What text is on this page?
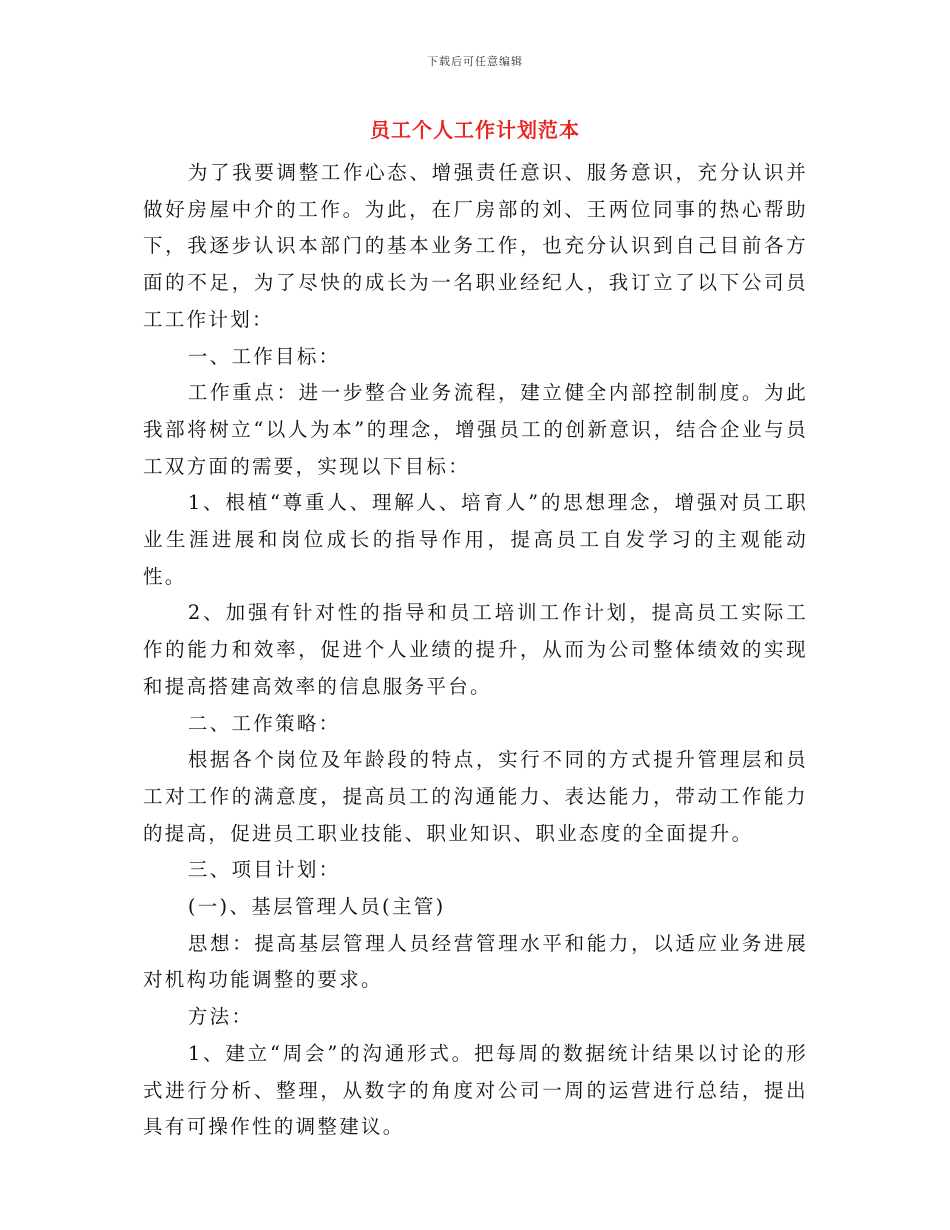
下载后可任意编辑
员工个人工作计划范本

为了我要调整工作心态、增强责任意识、服务意识，充分认识并做好房屋中介的工作。为此，在厂房部的刘、王两位同事的热心帮助下，我逐步认识本部门的基本业务工作，也充分认识到自己目前各方面的不足，为了尽快的成长为一名职业经纪人，我订立了以下公司员工工作计划：

一、工作目标：

工作重点：进一步整合业务流程，建立健全内部控制制度。为此我部将树立“以人为本”的理念，增强员工的创新意识，结合企业与员工双方面的需要，实现以下目标：

1、根植“尊重人、理解人、培育人”的思想理念，增强对员工职业生涯进展和岗位成长的指导作用，提高员工自发学习的主观能动性。

2、加强有针对性的指导和员工培训工作计划，提高员工实际工作的能力和效率，促进个人业绩的提升，从而为公司整体绩效的实现和提高搭建高效率的信息服务平台。

二、工作策略：

根据各个岗位及年龄段的特点，实行不同的方式提升管理层和员工对工作的满意度，提高员工的沟通能力、表达能力，带动工作能力的提高，促进员工职业技能、职业知识、职业态度的全面提升。

三、项目计划：

(一)、基层管理人员(主管)

思想：提高基层管理人员经营管理水平和能力，以适应业务进展对机构功能调整的要求。

方法：

1、建立“周会”的沟通形式。把每周的数据统计结果以讨论的形式进行分析、整理，从数字的角度对公司一周的运营进行总结，提出具有可操作性的调整建议。
